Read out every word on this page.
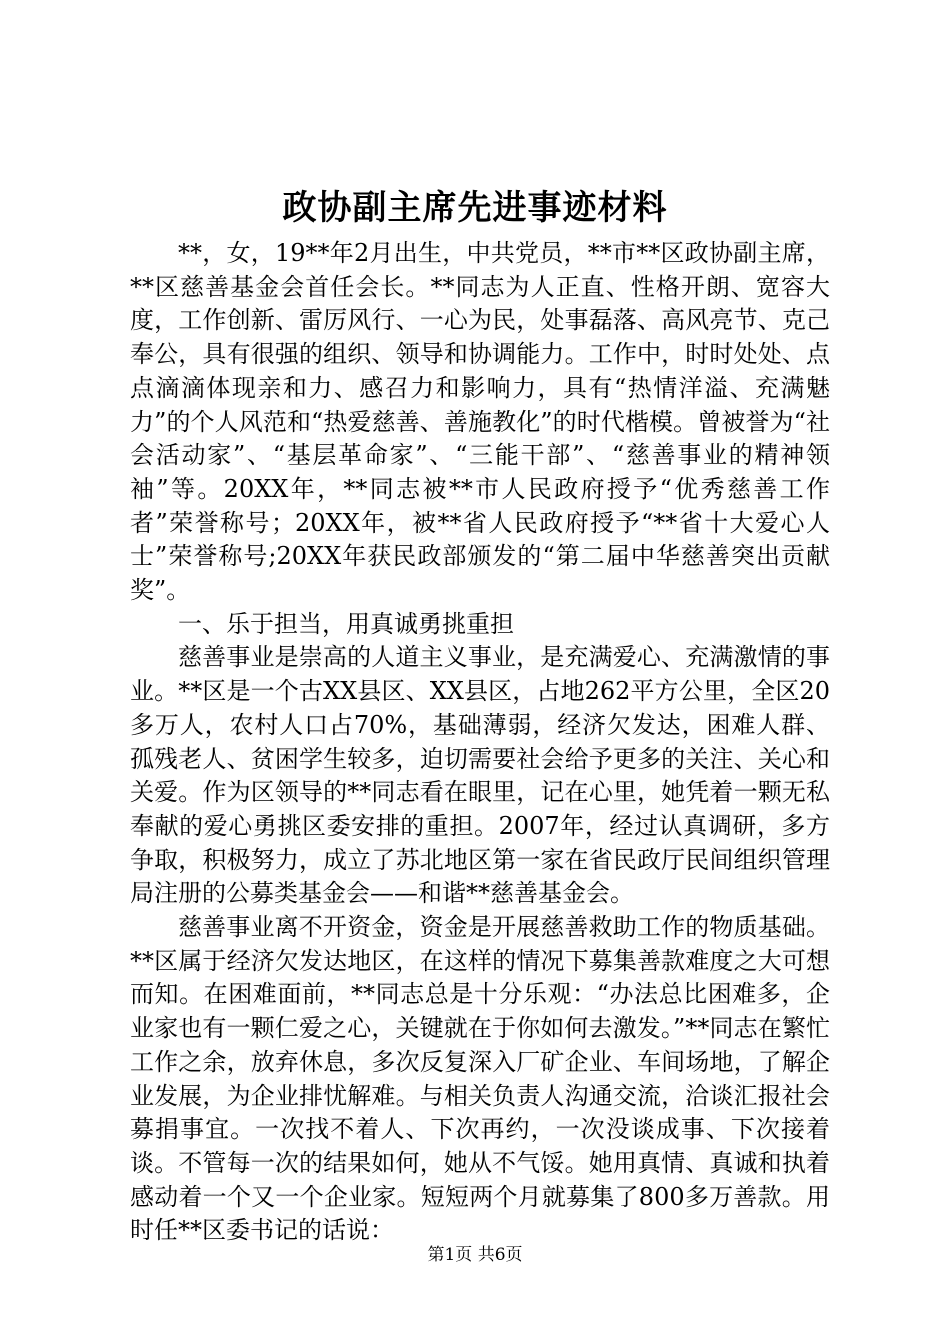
政协副主席先进事迹材料

**，女，19**年2月出生，中共党员，**市**区政协副主席，**区慈善基金会首任会长。**同志为人正直、性格开朗、宽容大度，工作创新、雷厉风行、一心为民，处事磊落、高风亮节、克己奉公，具有很强的组织、领导和协调能力。工作中，时时处处、点点滴滴体现亲和力、感召力和影响力，具有“热情洋溢、充满魅力”的个人风范和“热爱慈善、善施教化”的时代楷模。曾被誉为“社会活动家”、“基层革命家”、“三能干部”、“慈善事业的精神领袖”等。20XX年，**同志被**市人民政府授予“优秀慈善工作者”荣誉称号；20XX年，被**省人民政府授予“**省十大爱心人士”荣誉称号;20XX年获民政部颁发的“第二届中华慈善突出贡献奖”。

一、乐于担当，用真诚勇挑重担

慈善事业是崇高的人道主义事业，是充满爱心、充满激情的事业。**区是一个古XX县区、XX县区，占地262平方公里，全区20多万人，农村人口占70%，基础薄弱，经济欠发达，困难人群、孤残老人、贫困学生较多，迫切需要社会给予更多的关注、关心和关爱。作为区领导的**同志看在眼里，记在心里，她凭着一颗无私奉献的爱心勇挑区委安排的重担。2007年，经过认真调研，多方争取，积极努力，成立了苏北地区第一家在省民政厅民间组织管理局注册的公募类基金会——和谐**慈善基金会。

慈善事业离不开资金，资金是开展慈善救助工作的物质基础。**区属于经济欠发达地区，在这样的情况下募集善款难度之大可想而知。在困难面前，**同志总是十分乐观：“办法总比困难多，企业家也有一颗仁爱之心，关键就在于你如何去激发。”**同志在繁忙工作之余，放弃休息，多次反复深入厂矿企业、车间场地，了解企业发展，为企业排忧解难。与相关负责人沟通交流，洽谈汇报社会募捐事宜。一次找不着人、下次再约，一次没谈成事、下次接着谈。不管每一次的结果如何，她从不气馁。她用真情、真诚和执着感动着一个又一个企业家。短短两个月就募集了800多万善款。用时任**区委书记的话说：

第1页 共6页
